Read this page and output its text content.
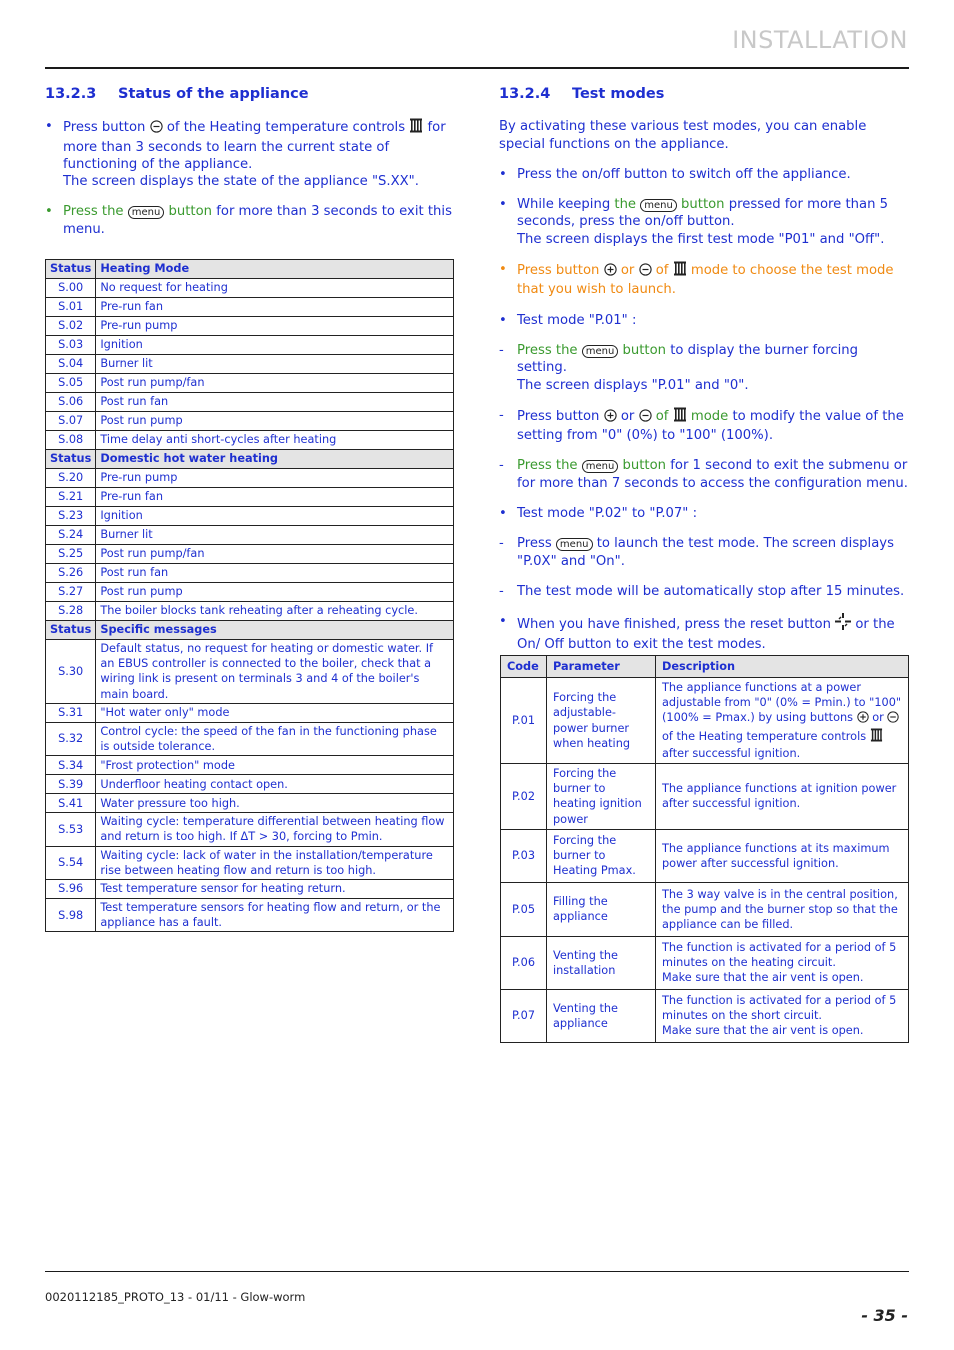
INSTALLATION
13.2.3	Status of the appliance
• Press button of the Heating temperature controls for more than 3 seconds to learn the current state of functioning of the appliance.
The screen displays the state of the appliance "S.XX".
• Press the menu button for more than 3 seconds to exit this menu.
Status	Heating Mode
S.00	No request for heating
S.01	Pre-run fan
S.02	Pre-run pump
S.03	Ignition
S.04	Burner lit
S.05	Post run pump/fan
S.06	Post run fan
S.07	Post run pump
S.08	Time delay anti short-cycles after heating
Status	Domestic hot water heating
S.20	Pre-run pump
S.21	Pre-run fan
S.23	Ignition
S.24	Burner lit
S.25	Post run pump/fan
S.26	Post run fan
S.27	Post run pump
S.28	The boiler blocks tank reheating after a reheating cycle.
Status	Specific messages
S.30	Default status, no request for heating or domestic water. If an EBUS controller is connected to the boiler, check that a wiring link is present on terminals 3 and 4 of the boiler's main board.
S.31	"Hot water only" mode
S.32	Control cycle: the speed of the fan in the functioning phase is outside tolerance.
S.34	"Frost protection" mode
S.39	Underfloor heating contact open.
S.41	Water pressure too high.
S.53	Waiting cycle: temperature differential between heating flow and return is too high. If ΔT > 30, forcing to Pmin.
S.54	Waiting cycle: lack of water in the installation/temperature rise between heating flow and return is too high.
S.96	Test temperature sensor for heating return.
S.98	Test temperature sensors for heating flow and return, or the appliance has a fault.
13.2.4	Test modes

By activating these various test modes, you can enable special functions on the appliance.

• Press the on/off button to switch off the appliance.
• While keeping the menu button pressed for more than 5 seconds, press the on/off button.
The screen displays the first test mode "P01" and "Off".
• Press button or of mode to choose the test mode that you wish to launch.
• Test mode "P.01" :
-	Press the menu button to display the burner forcing setting.
The screen displays "P.01" and "0".
-	Press button or of mode to modify the value of the setting from "0" (0%) to "100" (100%).
-	Press the menu button for 1 second to exit the submenu or for more than 7 seconds to access the configuration menu.
• Test mode "P.02" to "P.07" :
-	Press menu to launch the test mode. The screen displays "P.0X" and "On".
-	The test mode will be automatically stop after 15 minutes.
• When you have finished, press the reset button or the On/ Off button to exit the test modes.
Code	Parameter	Description
P.01	Forcing the adjustable-power burner when heating	The appliance functions at a power adjustable from "0" (0% = Pmin.) to "100" (100% = Pmax.) by using buttons or  of the Heating temperature controls  after successful ignition.
P.02	Forcing the burner to heating ignition power	The appliance functions at ignition power after successful ignition.
P.03	Forcing the burner to Heating Pmax.	The appliance functions at its maximum power after successful ignition.
P.05	Filling the appliance	The 3 way valve is in the central position, the pump and the burner stop so that the appliance can be filled.
P.06	Venting the installation	The function is activated for a period of 5 minutes on the heating circuit.
Make sure that the air vent is open.
P.07	Venting the appliance	The function is activated for a period of 5 minutes on the short circuit.
Make sure that the air vent is open.
0020112185_PROTO_13 - 01/11 - Glow-worm
- 35 -
